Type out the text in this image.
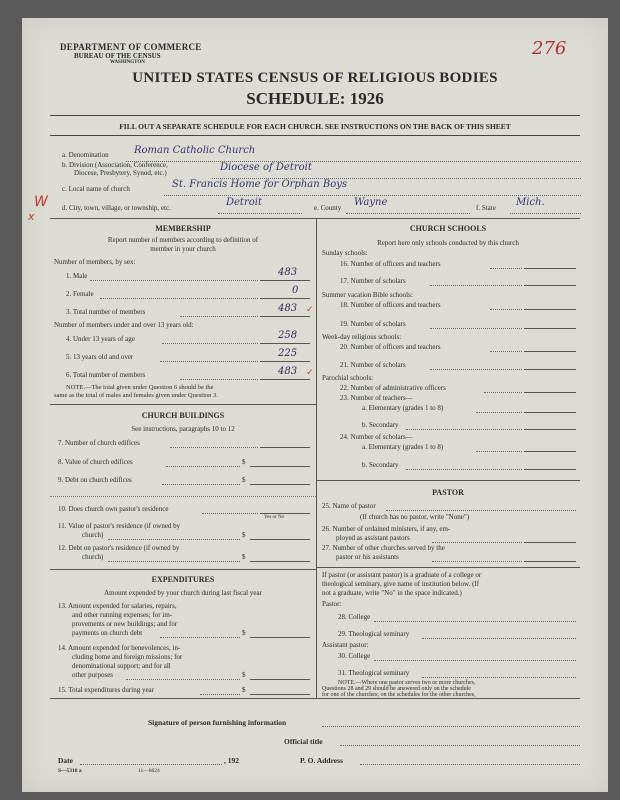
DEPARTMENT OF COMMERCE
BUREAU OF THE CENSUS
WASHINGTON
276
UNITED STATES CENSUS OF RELIGIOUS BODIES
SCHEDULE: 1926
FILL OUT A SEPARATE SCHEDULE FOR EACH CHURCH. SEE INSTRUCTIONS ON THE BACK OF THIS SHEET
a. Denomination	Roman Catholic Church
b. Division (Association, Conference,
Diocese, Presbytery, Synod, etc.)	Diocese of Detroit
c. Local name of church	St. Francis Home for Orphan Boys
W
x
d. City, town, village, or township, etc.	Detroit	e. County Wayne	f. State Mich.
MEMBERSHIP
Report number of members according to definition of
member in your church
Number of members, by sex:
1. Male	483
2. Female	0
3. Total number of members	483 ✓
Number of members under and over 13 years old:
4. Under 13 years of age	258
5. 13 years old and over	225
6. Total number of members	483 ✓
NOTE.—The total given under Question 6 should be the
same as the total of males and females given under Question 3.
CHURCH BUILDINGS
See instructions, paragraphs 10 to 12
7. Number of church edifices
8. Value of church edifices	$
9. Debt on church edifices	$
10. Does church own pastor's residence
Yes or No
11. Value of pastor's residence (if owned by
church)	$
12. Debt on pastor's residence (if owned by
church)	$
EXPENDITURES
Amount expended by your church during last fiscal year
13. Amount expended for salaries, repairs,
and other running expenses; for im-
provements or new buildings; and for
payments on church debt	$
14. Amount expended for benevolences, in-
cluding home and foreign missions; for
denominational support; and for all
other purposes	$
15. Total expenditures during year	$
CHURCH SCHOOLS
Report here only schools conducted by this church
Sunday schools:
16. Number of officers and teachers
17. Number of scholars
Summer vacation Bible schools:
18. Number of officers and teachers
19. Number of scholars
Week-day religious schools:
20. Number of officers and teachers
21. Number of scholars
Parochial schools:
22. Number of administrative officers
23. Number of teachers—
a. Elementary (grades 1 to 8)
b. Secondary
24. Number of scholars—
a. Elementary (grades 1 to 8)
b. Secondary
PASTOR
25. Name of pastor
(If church has no pastor, write "None")
26. Number of ordained ministers, if any, em-
ployed as assistant pastors
27. Number of other churches served by the
pastor or his assistants
If pastor (or assistant pastor) is a graduate of a college or
theological seminary, give name of institution below. (If
not a graduate, write "No" in the space indicated.)
Pastor:
28. College
29. Theological seminary
Assistant pastor:
30. College
31. Theological seminary
NOTE.—Where one pastor serves two or more churches,
Questions 28 and 29 should be answered only on the schedule
for one of the churches; on the schedules for the other churches,
Signature of person furnishing information
Official title
Date	, 192	P. O. Address
S—5318 a	11—6624
